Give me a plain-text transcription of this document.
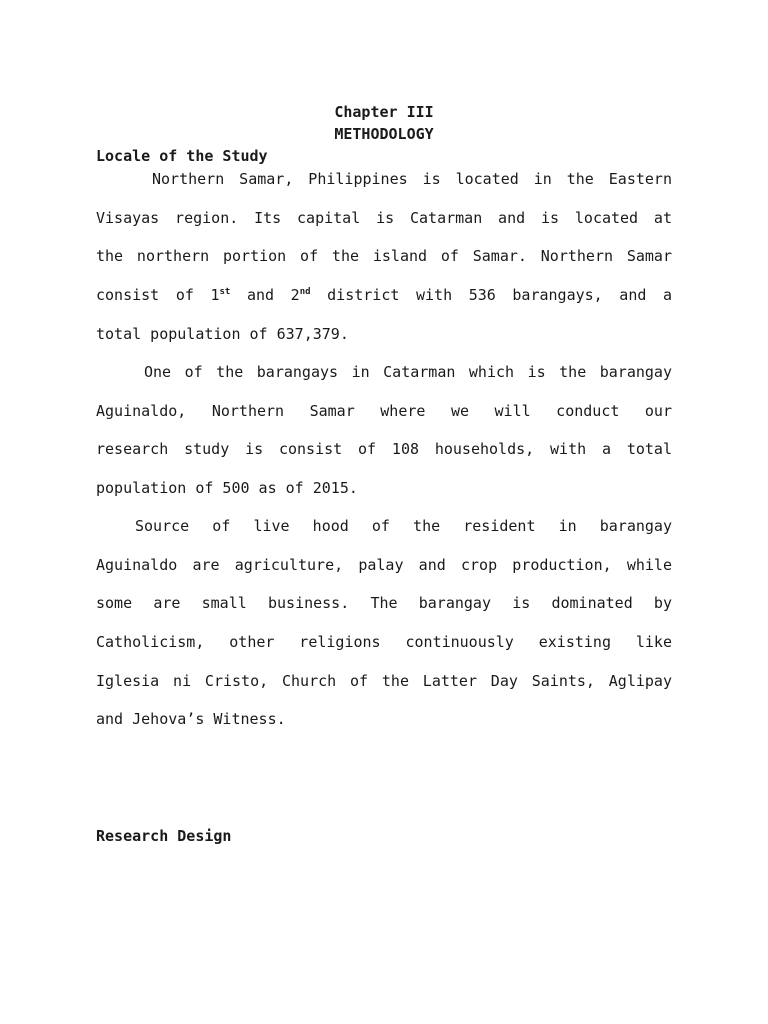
Chapter III
METHODOLOGY
Locale of the Study
Northern Samar, Philippines is located in the Eastern
Visayas region. Its capital is Catarman and is located at
the northern portion of the island of Samar. Northern Samar
consist of 1st and 2nd district with 536 barangays, and a
total population of 637,379.
One of the barangays in Catarman which is the barangay
Aguinaldo, Northern Samar where we will conduct our
research study is consist of 108 households, with a total
population of 500 as of 2015.
Source of live hood of the resident in barangay
Aguinaldo are agriculture, palay and crop production, while
some are small business. The barangay is dominated by
Catholicism, other religions continuously existing like
Iglesia ni Cristo, Church of the Latter Day Saints, Aglipay
and Jehova’s Witness.
Research Design
